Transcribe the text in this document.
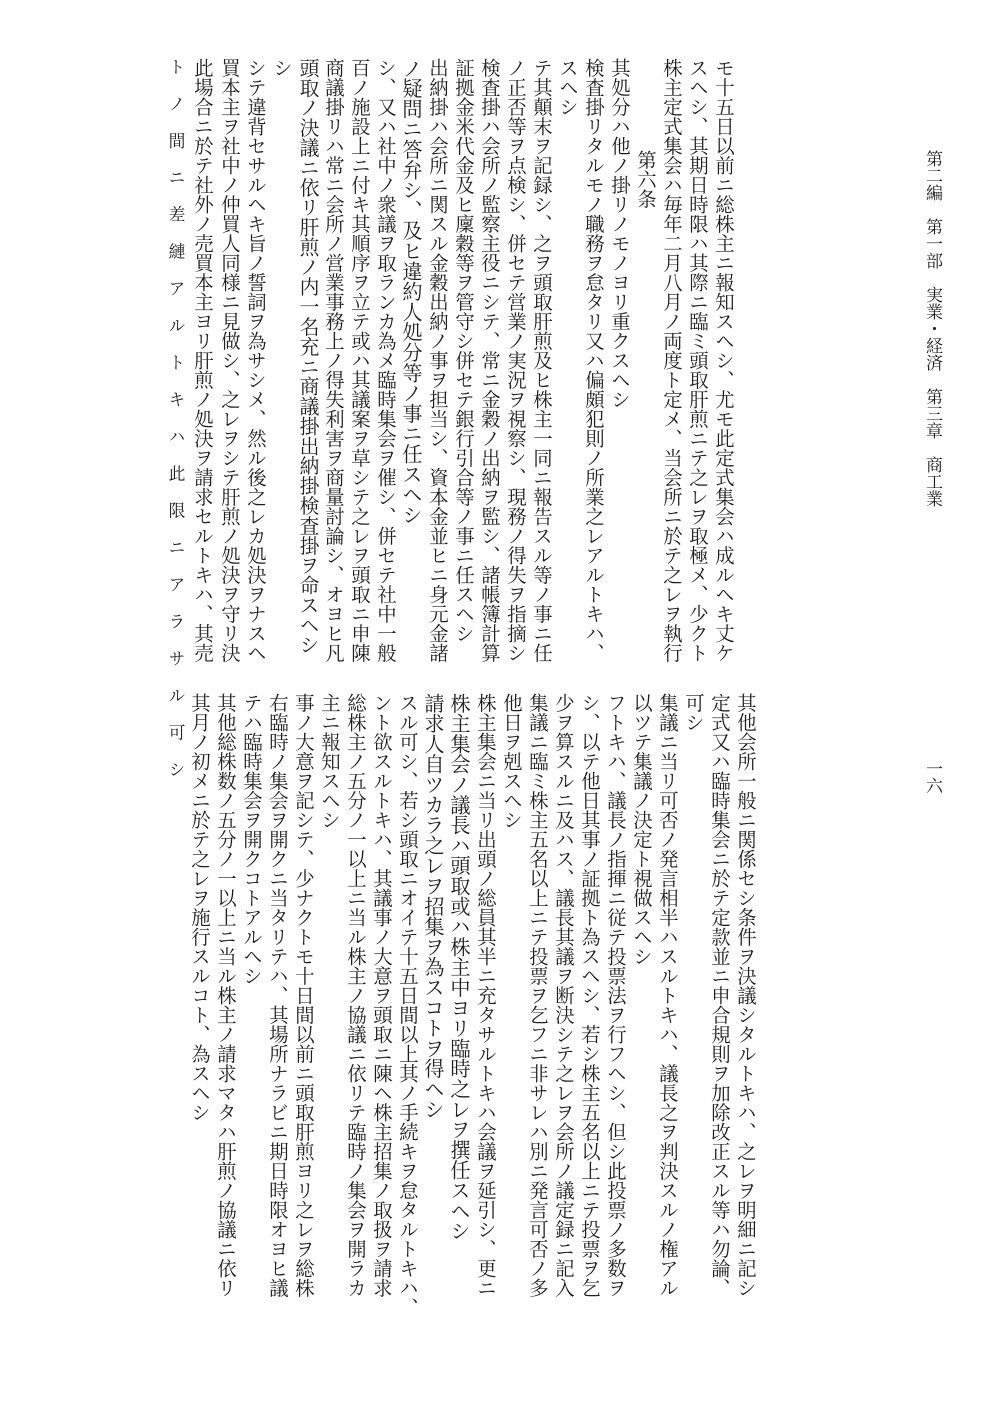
第二編　第一部　実業・経済　第三章　商工業
一六
ト ノ 間 ニ 差 縺 ア ル ト キ ハ 此 限 ニ ア ラ サ ル 可 シ 此場合ニ於テ社外ノ売買本主ヨリ肝煎ノ処決ヲ請求セルトキハ、其売 買本主ヲ社中ノ仲買人同様ニ見做シ、之レヲシテ肝煎ノ処決ヲ守リ決 シテ違背セサルヘキ旨ノ誓詞ヲ為サシメ、然ル後之レカ処決ヲナスヘ シ 頭取ノ決議ニ依リ肝煎ノ内一名充ニ商議掛出納掛検査掛ヲ命スヘシ 商議掛リハ常ニ会所ノ営業事務上ノ得失利害ヲ商量討論シ、オヨヒ凡 百ノ施設上ニ付キ其順序ヲ立テ或ハ其議案ヲ草シテ之レヲ頭取ニ申陳 シ、又ハ社中ノ衆議ヲ取ランカ為メ臨時集会ヲ催シ、併セテ社中一般 ノ疑問ニ答弁シ、及ヒ違約人処分等ノ事ニ任スヘシ 出納掛ハ会所ニ関スル金穀出納ノ事ヲ担当シ、資本金並ヒニ身元金諸 証拠金米代金及ヒ廩穀等ヲ管守シ併セテ銀行引合等ノ事ニ任スヘシ 検査掛ハ会所ノ監察主役ニシテ、常ニ金穀ノ出納ヲ監シ、諸帳簿計算 ノ正否等ヲ点検シ、併セテ営業ノ実況ヲ視察シ、現務ノ得失ヲ指摘シ テ其顛末ヲ記録シ、之ヲ頭取肝煎及ヒ株主一同ニ報告スル等ノ事ニ任 スヘシ 検査掛リタルモノ職務ヲ怠タリ又ハ偏頗犯則ノ所業之レアルトキハ、 其処分ハ他ノ掛リノモノヨリ重クスヘシ 第六条 株主定式集会ハ毎年二月八月ノ両度ト定メ、当会所ニ於テ之レヲ執行 スヘシ、其期日時限ハ其際ニ臨ミ頭取肝煎ニテ之レヲ取極メ、少クト モ十五日以前ニ総株主ニ報知スヘシ、尤モ此定式集会ハ成ルヘキ丈ケ
其月ノ初メニ於テ之レヲ施行スルコト、為スヘシ 其他総株数ノ五分ノ一以上ニ当ル株主ノ請求マタハ肝煎ノ協議ニ依リ テハ臨時集会ヲ開クコトアルヘシ 右臨時ノ集会ヲ開クニ当タリテハ、其場所ナラビニ期日時限オヨヒ議 事ノ大意ヲ記シテ、少ナクトモ十日間以前ニ頭取肝煎ヨリ之レヲ総株 主ニ報知スヘシ 総株主ノ五分ノ一以上ニ当ル株主ノ協議ニ依リテ臨時ノ集会ヲ開ラカ ント欲スルトキハ、其議事ノ大意ヲ頭取ニ陳ヘ株主招集ノ取扱ヲ請求 スル可シ、若シ頭取ニオイテ十五日間以上其ノ手続キヲ怠タルトキハ、 請求人自ツカラ之レヲ招集ヲ為スコトヲ得ヘシ 株主集会ノ議長ハ頭取或ハ株主中ヨリ臨時之レヲ撰任スヘシ 株主集会ニ当リ出頭ノ総員其半ニ充タサルトキハ会議ヲ延引シ、更ニ 他日ヲ剋スヘシ 集議ニ臨ミ株主五名以上ニテ投票ヲ乞フニ非サレハ別ニ発言可否ノ多 少ヲ算スルニ及ハス、議長其議ヲ断決シテ之レヲ会所ノ議定録ニ記入 シ、以テ他日其事ノ証拠ト為スヘシ、若シ株主五名以上ニテ投票ヲ乞 フトキハ、議長ノ指揮ニ従テ投票法ヲ行フヘシ、但シ此投票ノ多数ヲ 以ツテ集議ノ決定ト視做スヘシ 集議ニ当リ可否ノ発言相半ハスルトキハ、議長之ヲ判決スルノ権アル 可シ 定式又ハ臨時集会ニ於テ定款並ニ申合規則ヲ加除改正スル等ハ勿論、 其他会所一般ニ関係セシ条件ヲ決議シタルトキハ、之レヲ明細ニ記シ
